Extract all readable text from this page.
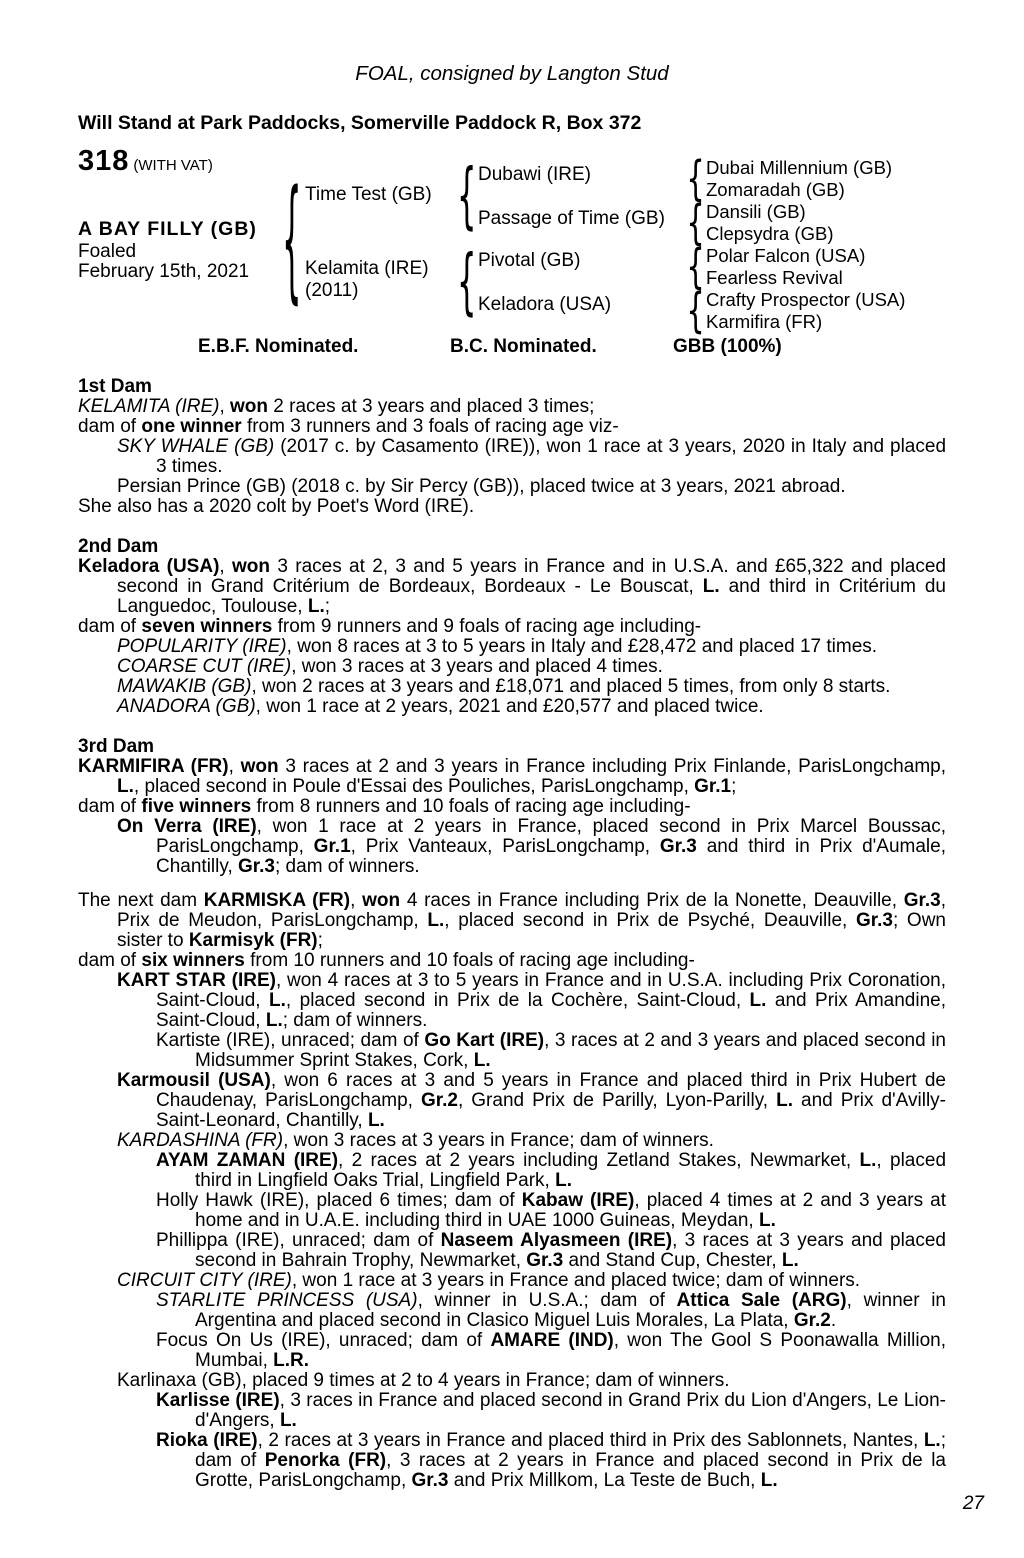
FOAL, consigned by Langton Stud
Will Stand at Park Paddocks, Somerville Paddock R, Box 372
318 (WITH VAT)
A BAY FILLY (GB)
Foaled
February 15th, 2021 { Time Test (GB)
Kelamita (IRE)
(2011)
{
{
Dubawi (IRE)
Passage of Time (GB)
Pivotal (GB)
Keladora (USA)
{
{
{
{
Dubai Millennium (GB)
Zomaradah (GB)
Dansili (GB)
Clepsydra (GB)
Polar Falcon (USA)
Fearless Revival
Crafty Prospector (USA)
Karmifira (FR)
E.B.F. Nominated.	B.C. Nominated.	GBB (100%)

1st Dam

KELAMITA (IRE), won 2 races at 3 years and placed 3 times;

dam of one winner from 3 runners and 3 foals of racing age viz-

SKY WHALE (GB) (2017 c. by Casamento (IRE)), won 1 race at 3 years, 2020 in Italy and placed 3 times.

Persian Prince (GB) (2018 c. by Sir Percy (GB)), placed twice at 3 years, 2021 abroad.

She also has a 2020 colt by Poet's Word (IRE).

2nd Dam

Keladora (USA), won 3 races at 2, 3 and 5 years in France and in U.S.A. and £65,322 and placed second in Grand Critérium de Bordeaux, Bordeaux - Le Bouscat, L. and third in Critérium du Languedoc, Toulouse, L.;

dam of seven winners from 9 runners and 9 foals of racing age including-

POPULARITY (IRE), won 8 races at 3 to 5 years in Italy and £28,472 and placed 17 times.

COARSE CUT (IRE), won 3 races at 3 years and placed 4 times.

MAWAKIB (GB), won 2 races at 3 years and £18,071 and placed 5 times, from only 8 starts.

ANADORA (GB), won 1 race at 2 years, 2021 and £20,577 and placed twice.

3rd Dam

KARMIFIRA (FR), won 3 races at 2 and 3 years in France including Prix Finlande, ParisLongchamp, L., placed second in Poule d'Essai des Pouliches, ParisLongchamp, Gr.1;

dam of five winners from 8 runners and 10 foals of racing age including-

On Verra (IRE), won 1 race at 2 years in France, placed second in Prix Marcel Boussac, ParisLongchamp, Gr.1, Prix Vanteaux, ParisLongchamp, Gr.3 and third in Prix d'Aumale, Chantilly, Gr.3; dam of winners.

The next dam KARMISKA (FR), won 4 races in France including Prix de la Nonette, Deauville, Gr.3, Prix de Meudon, ParisLongchamp, L., placed second in Prix de Psyché, Deauville, Gr.3; Own sister to Karmisyk (FR);

dam of six winners from 10 runners and 10 foals of racing age including-

KART STAR (IRE), won 4 races at 3 to 5 years in France and in U.S.A. including Prix Coronation, Saint-Cloud, L., placed second in Prix de la Cochère, Saint-Cloud, L. and Prix Amandine, Saint-Cloud, L.; dam of winners.

Kartiste (IRE), unraced; dam of Go Kart (IRE), 3 races at 2 and 3 years and placed second in Midsummer Sprint Stakes, Cork, L.

Karmousil (USA), won 6 races at 3 and 5 years in France and placed third in Prix Hubert de Chaudenay, ParisLongchamp, Gr.2, Grand Prix de Parilly, Lyon-Parilly, L. and Prix d'Avilly-Saint-Leonard, Chantilly, L.

KARDASHINA (FR), won 3 races at 3 years in France; dam of winners.

AYAM ZAMAN (IRE), 2 races at 2 years including Zetland Stakes, Newmarket, L., placed third in Lingfield Oaks Trial, Lingfield Park, L.

Holly Hawk (IRE), placed 6 times; dam of Kabaw (IRE), placed 4 times at 2 and 3 years at home and in U.A.E. including third in UAE 1000 Guineas, Meydan, L.

Phillippa (IRE), unraced; dam of Naseem Alyasmeen (IRE), 3 races at 3 years and placed second in Bahrain Trophy, Newmarket, Gr.3 and Stand Cup, Chester, L.

CIRCUIT CITY (IRE), won 1 race at 3 years in France and placed twice; dam of winners.

STARLITE PRINCESS (USA), winner in U.S.A.; dam of Attica Sale (ARG), winner in Argentina and placed second in Clasico Miguel Luis Morales, La Plata, Gr.2.

Focus On Us (IRE), unraced; dam of AMARE (IND), won The Gool S Poonawalla Million, Mumbai, L.R.

Karlinaxa (GB), placed 9 times at 2 to 4 years in France; dam of winners.

Karlisse (IRE), 3 races in France and placed second in Grand Prix du Lion d'Angers, Le Lion-d'Angers, L.

Rioka (IRE), 2 races at 3 years in France and placed third in Prix des Sablonnets, Nantes, L.; dam of Penorka (FR), 3 races at 2 years in France and placed second in Prix de la Grotte, ParisLongchamp, Gr.3 and Prix Millkom, La Teste de Buch, L.

27
